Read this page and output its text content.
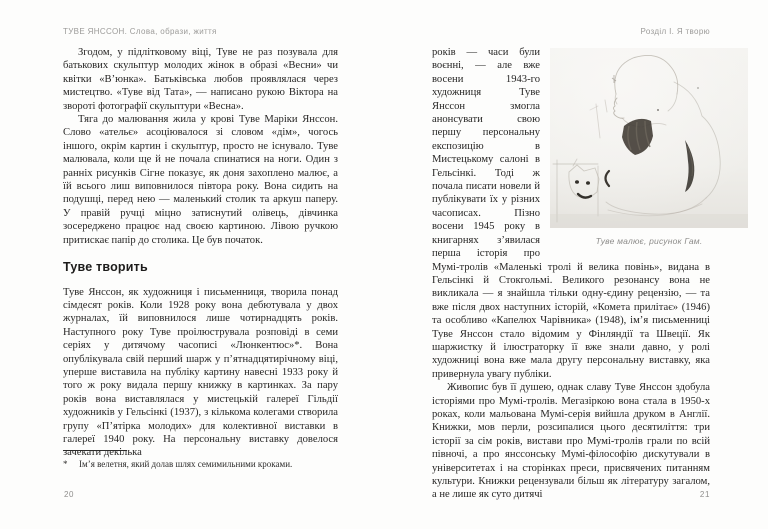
ТУВЕ ЯНССОН. Слова, образи, життя

Згодом, у підлітковому віці, Туве не раз позувала для батькових скульптур молодих жінок в образі «Весни» чи квітки «В’юнка». Батьківська любов проявлялася через мистецтво. «Туве від Тата», — написано рукою Віктора на звороті фотографії скульптури «Весна».

Тяга до малювання жила у крові Туве Маріки Янссон. Слово «ательє» асоціювалося зі словом «дім», чогось іншого, окрім картин і скульптур, просто не існувало. Туве малювала, коли ще й не почала спинатися на ноги. Один з ранніх рисунків Сігне показує, як доня захоплено малює, а їй всього лиш виповнилося півтора року. Вона сидить на подушці, перед нею — маленький столик та аркуш паперу. У правій ручці міцно затиснутий олівець, дівчинка зосереджено працює над своєю картиною. Лівою ручкою притискає папір до столика. Це був початок.

Туве творить

Туве Янссон, як художниця і письменниця, творила понад сімдесят років. Коли 1928 року вона дебютувала у двох журналах, їй виповнилося лише чотирнадцять років. Наступного року Туве проілюструвала розповіді в семи серіях у дитячому часописі «Люнкентюс»*. Вона опублікувала свій перший шарж у п’ятнадцятирічному віці, уперше виставила на публіку картину навесні 1933 року й того ж року видала першу книжку в картинках. За пару років вона виставлялася у мистецькій галереї Гільдії художників у Гельсінкі (1937), з кількома колегами створила групу «П’ятірка молодих» для колективної виставки в галереї 1940 року. На персональну виставку довелося зачекати декілька

* Ім’я велетня, який долав шлях семимильними кроками.
20
Розділ І. Я творю
Туве малює, рисунок Гам.

років — часи були воєнні, — але вже восени 1943-го художниця Туве Янссон змогла анонсувати свою першу персональну експозицію в Мистецькому салоні в Гельсінкі. Тоді ж почала писати новели й публікувати їх у різних часописах. Пізно восени 1945 року в книгарнях з’явилася перша історія про Мумі-тролів «Маленькі тролі й велика повінь», видана в Гельсінкі й Стокгольмі. Великого резонансу вона не викликала — я знайшла тільки одну-єдину рецензію, — та вже після двох наступних історій, «Комета прилітає» (1946) та особливо «Капелюх Чарівника» (1948), ім’я письменниці Туве Янссон стало відомим у Фінляндії та Швеції. Як шаржистку й ілюстраторку її вже знали давно, у ролі художниці вона вже мала другу персональну виставку, яка привернула увагу публіки.

Живопис був її душею, однак славу Туве Янссон здобула історіями про Мумі-тролів. Мегазіркою вона стала в 1950-х роках, коли мальована Мумі-серія вийшла друком в Англії. Книжки, мов перли, розсипалися цього десятиліття: три історії за сім років, вистави про Мумі-тролів грали по всій півночі, а про янссонську Мумі-філософію дискутували в університетах і на сторінках преси, присвячених питанням культури. Книжки рецензували більш як літературу загалом, а не лише як суто дитячі	21
